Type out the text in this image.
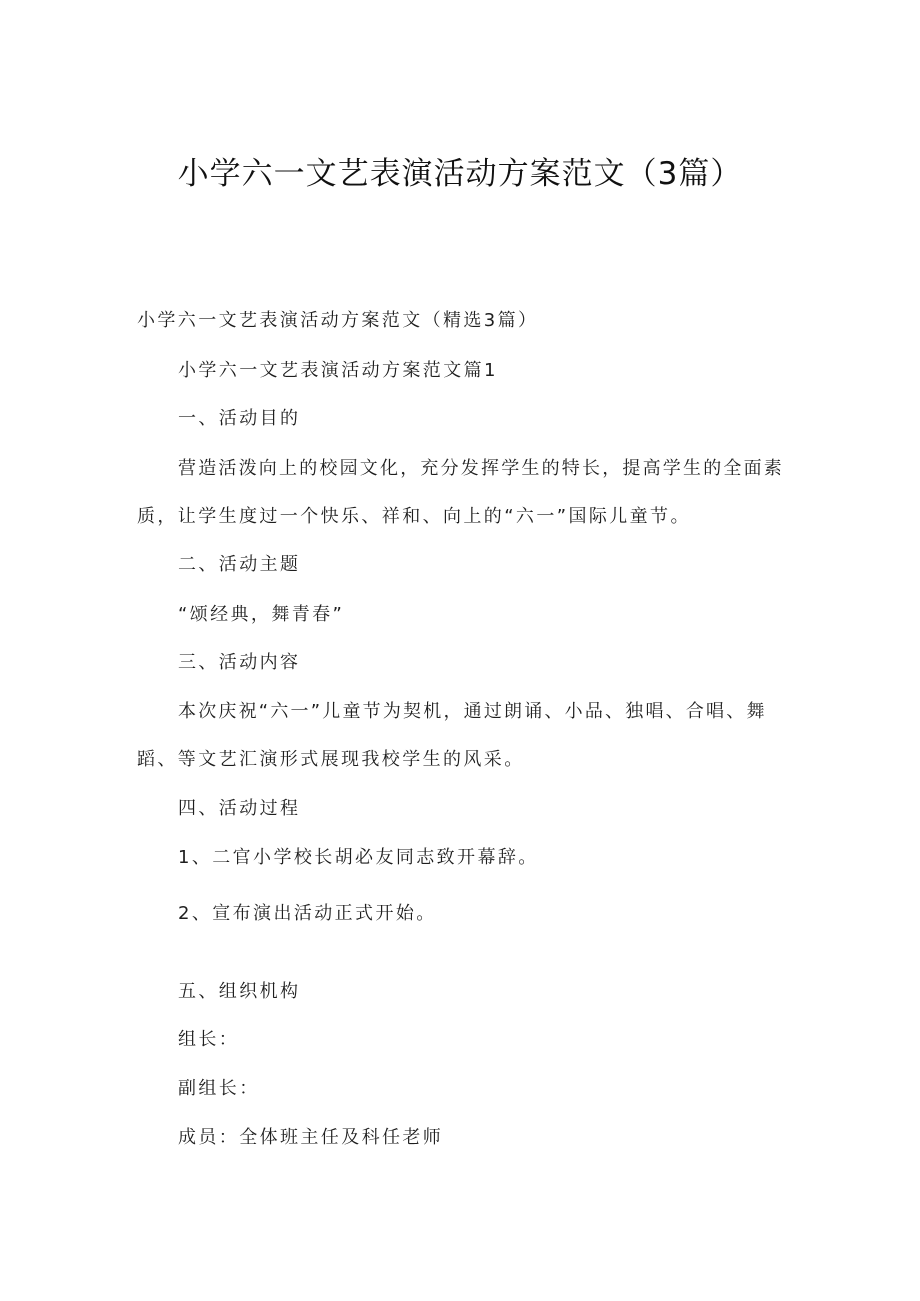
小学六一文艺表演活动方案范文（3篇）
小学六一文艺表演活动方案范文（精选3篇）
小学六一文艺表演活动方案范文篇1
一、活动目的
营造活泼向上的校园文化，充分发挥学生的特长，提高学生的全面素
质，让学生度过一个快乐、祥和、向上的“六一”国际儿童节。
二、活动主题
“颂经典，舞青春”
三、活动内容
本次庆祝“六一”儿童节为契机，通过朗诵、小品、独唱、合唱、舞
蹈、等文艺汇演形式展现我校学生的风采。
四、活动过程
1、二官小学校长胡必友同志致开幕辞。
2、宣布演出活动正式开始。
五、组织机构
组长：
副组长：
成员：全体班主任及科任老师
